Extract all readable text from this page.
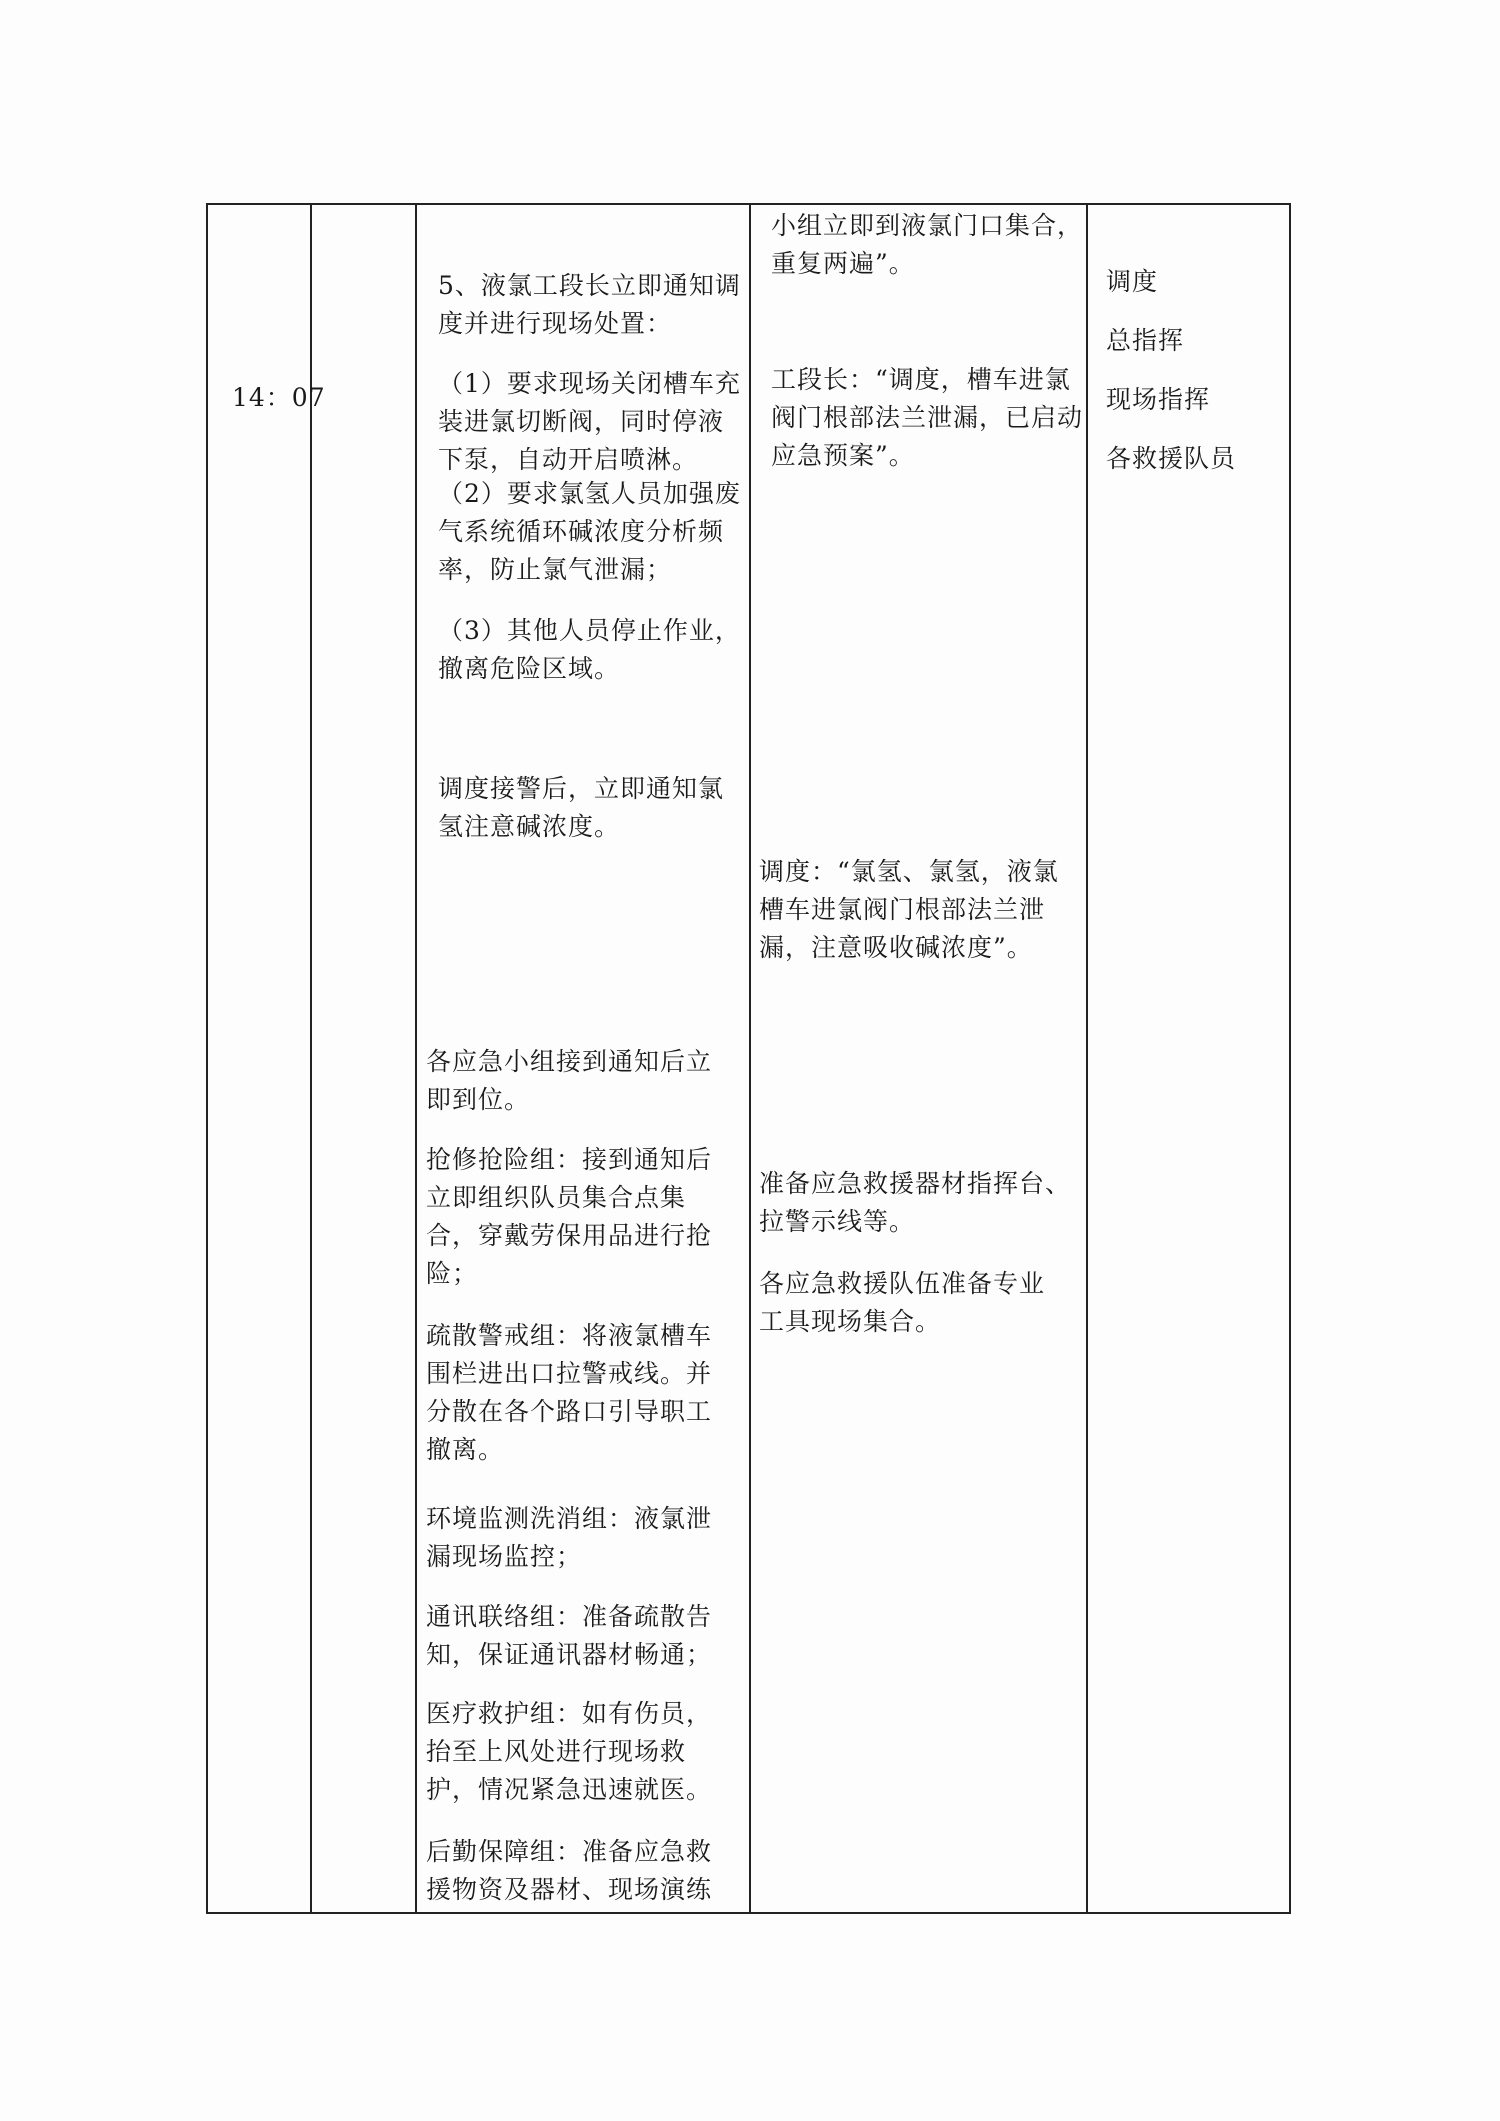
14：07

5、液氯工段长立即通知调
度并进行现场处置：

（1）要求现场关闭槽车充
装进氯切断阀，同时停液
下泵，自动开启喷淋。

（2）要求氯氢人员加强废
气系统循环碱浓度分析频
率，防止氯气泄漏；

（3）其他人员停止作业，
撤离危险区域。

调度接警后，立即通知氯
氢注意碱浓度。

各应急小组接到通知后立
即到位。

抢修抢险组：接到通知后
立即组织队员集合点集
合，穿戴劳保用品进行抢
险；

疏散警戒组：将液氯槽车
围栏进出口拉警戒线。并
分散在各个路口引导职工
撤离。

环境监测洗消组：液氯泄
漏现场监控；

通讯联络组：准备疏散告
知，保证通讯器材畅通；

医疗救护组：如有伤员，
抬至上风处进行现场救
护，情况紧急迅速就医。

后勤保障组：准备应急救
援物资及器材、现场演练

小组立即到液氯门口集合，
重复两遍”。

工段长：“调度，槽车进氯
阀门根部法兰泄漏，已启动
应急预案”。

调度：“氯氢、氯氢，液氯
槽车进氯阀门根部法兰泄
漏，注意吸收碱浓度”。

准备应急救援器材指挥台、
拉警示线等。

各应急救援队伍准备专业
工具现场集合。

调度

总指挥

现场指挥

各救援队员
